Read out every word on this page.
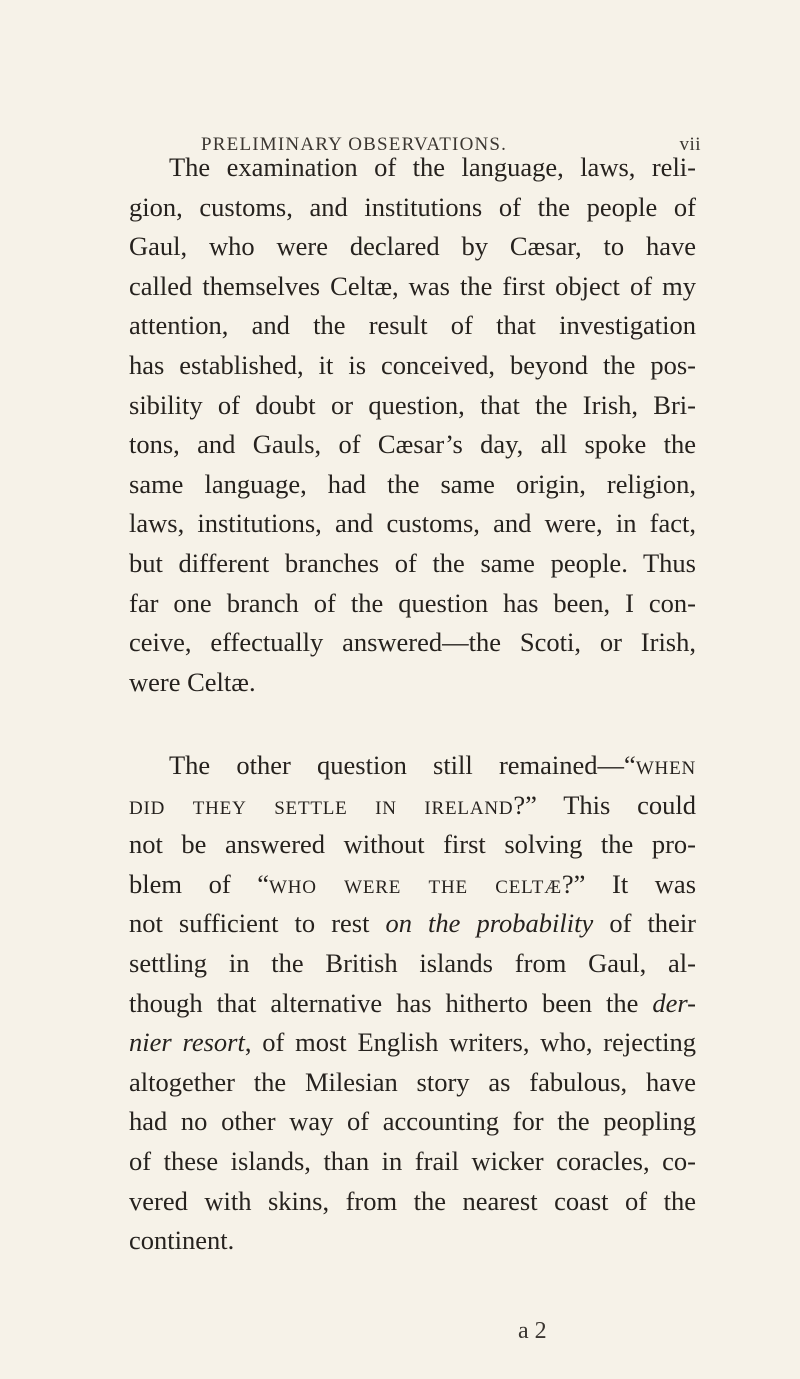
PRELIMINARY OBSERVATIONS.	vii
The examination of the language, laws, reli-
gion, customs, and institutions of the people of
Gaul, who were declared by Cæsar, to have
called themselves Celtæ, was the first object of my
attention, and the result of that investigation
has established, it is conceived, beyond the pos-
sibility of doubt or question, that the Irish, Bri-
tons, and Gauls, of Cæsar’s day, all spoke the
same language, had the same origin, religion,
laws, institutions, and customs, and were, in fact,
but different branches of the same people. Thus
far one branch of the question has been, I con-
ceive, effectually answered—the Scoti, or Irish,
were Celtæ.
The other question still remained—“when
did they settle in ireland?” This could
not be answered without first solving the pro-
blem of “who were the celtæ?” It was
not sufficient to rest on the probability of their
settling in the British islands from Gaul, al-
though that alternative has hitherto been the der-
nier resort, of most English writers, who, rejecting
altogether the Milesian story as fabulous, have
had no other way of accounting for the peopling
of these islands, than in frail wicker coracles, co-
vered with skins, from the nearest coast of the
continent.
a 2
